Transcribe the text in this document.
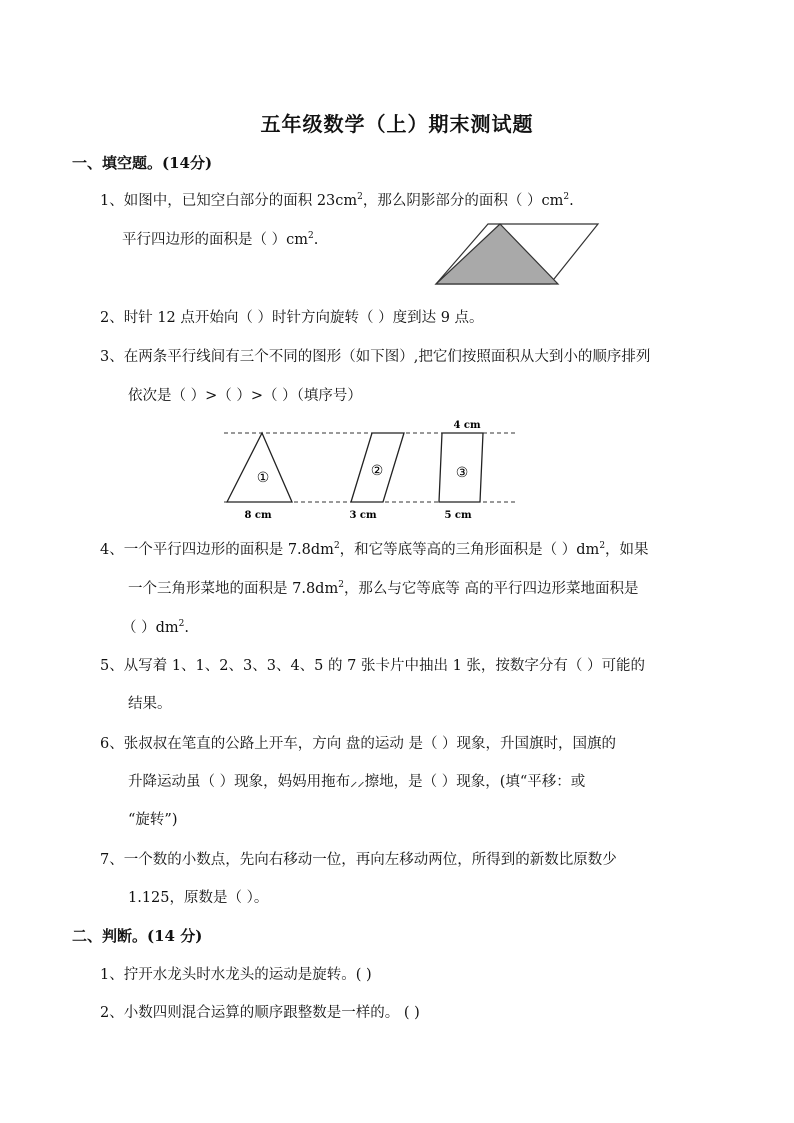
五年级数学（上）期末测试题
一、填空题。(14分)
1、如图中，已知空白部分的面积 $23cm^2$，那么阴影部分的面积（ ）$cm^2$.
平行四边形的面积是（ ）$cm^2$.
2、时针 12 点开始向（ ）时针方向旋转（ ）度到达 9 点。
3、在两条平行线间有三个不同的图形（如下图）,把它们按照面积从大到小的顺序排列
依次是（ ）>（ ）>（ ）（填序号）
①	②	③
4 cm
8 cm	3 cm	5 cm
4、一个平行四边形的面积是 $7.8dm^2$，和它等底等高的三角形面积是（ ）$dm^2$，如果
一个三角形菜地的面积是 $7.8dm^2$，那么与它等底等 高的平行四边形菜地面积是
（ ）$dm^2$.
5、从写着 1、1、2、3、3、4、5 的 7 张卡片中抽出 1 张，按数字分有（ ）可能的
结果。
6、张叔叔在笔直的公路上开车，方向 盘的运动 是（ ）现象，升国旗时，国旗的
升降运动虽（ ）现象，妈妈用拖布⸝⸝擦地，是（ ）现象，(填“平移：或
“旋转”)
7、一个数的小数点，先向右移动一位，再向左移动两位，所得到的新数比原数少
1.125，原数是（ ）。
二、判断。(14 分)
1、拧开水龙头时水龙头的运动是旋转。( )
2、小数四则混合运算的顺序跟整数是一样的。 ( )
